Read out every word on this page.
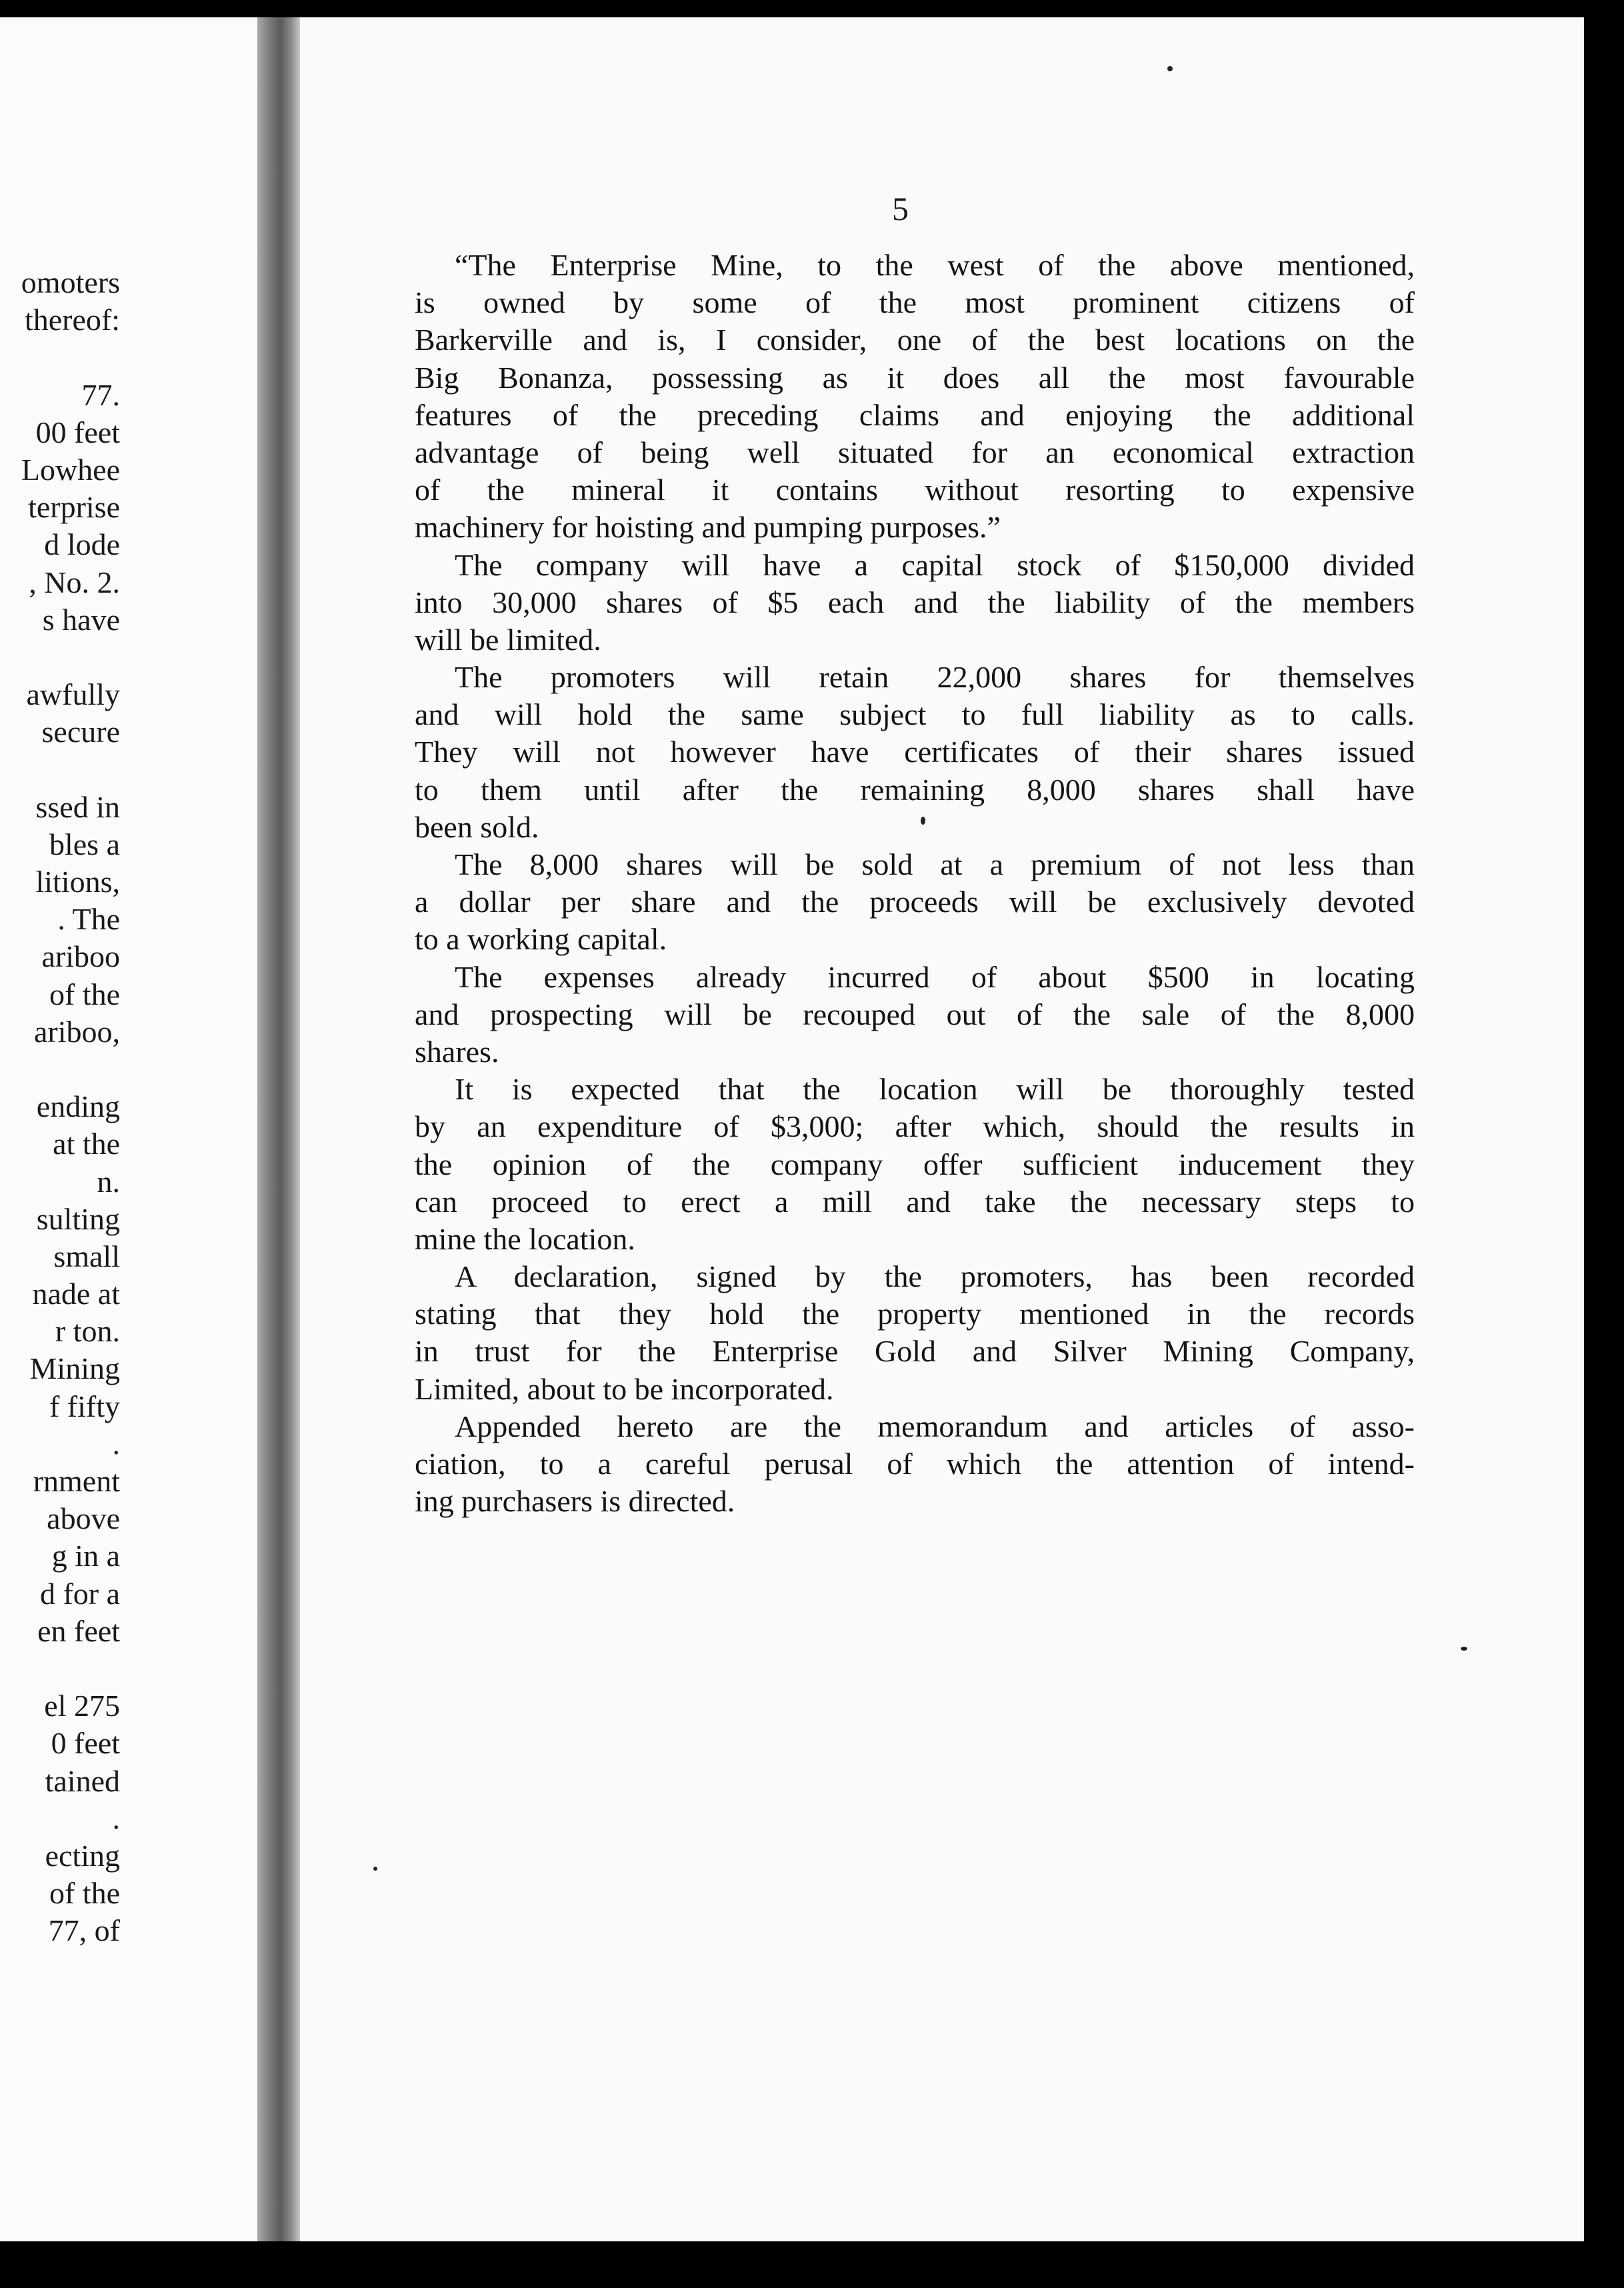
omoters
thereof:
77.
00 feet
Lowhee
terprise
d lode
, No. 2.
s have
awfully
secure
ssed in
bles a
litions,
. The
ariboo
of the
ariboo,
ending
at the
n.
sulting
small
nade at
r ton.
Mining
f fifty
.
rnment
above
g in a
d for a
en feet
el 275
0 feet
tained
.
ecting
of the
77, of

5

“The Enterprise Mine, to the west of the above mentioned,
is owned by some of the most prominent citizens of
Barkerville and is, I consider, one of the best locations on the
Big Bonanza, possessing as it does all the most favourable
features of the preceding claims and enjoying the additional
advantage of being well situated for an economical extraction
of the mineral it contains without resorting to expensive
machinery for hoisting and pumping purposes.”
The company will have a capital stock of $150,000 divided
into 30,000 shares of $5 each and the liability of the members
will be limited.
The promoters will retain 22,000 shares for themselves
and will hold the same subject to full liability as to calls.
They will not however have certificates of their shares issued
to them until after the remaining 8,000 shares shall have
been sold.
The 8,000 shares will be sold at a premium of not less than
a dollar per share and the proceeds will be exclusively devoted
to a working capital.
The expenses already incurred of about $500 in locating
and prospecting will be recouped out of the sale of the 8,000
shares.
It is expected that the location will be thoroughly tested
by an expenditure of $3,000; after which, should the results in
the opinion of the company offer sufficient inducement they
can proceed to erect a mill and take the necessary steps to
mine the location.
A declaration, signed by the promoters, has been recorded
stating that they hold the property mentioned in the records
in trust for the Enterprise Gold and Silver Mining Company,
Limited, about to be incorporated.
Appended hereto are the memorandum and articles of asso-
ciation, to a careful perusal of which the attention of intend-
ing purchasers is directed.
